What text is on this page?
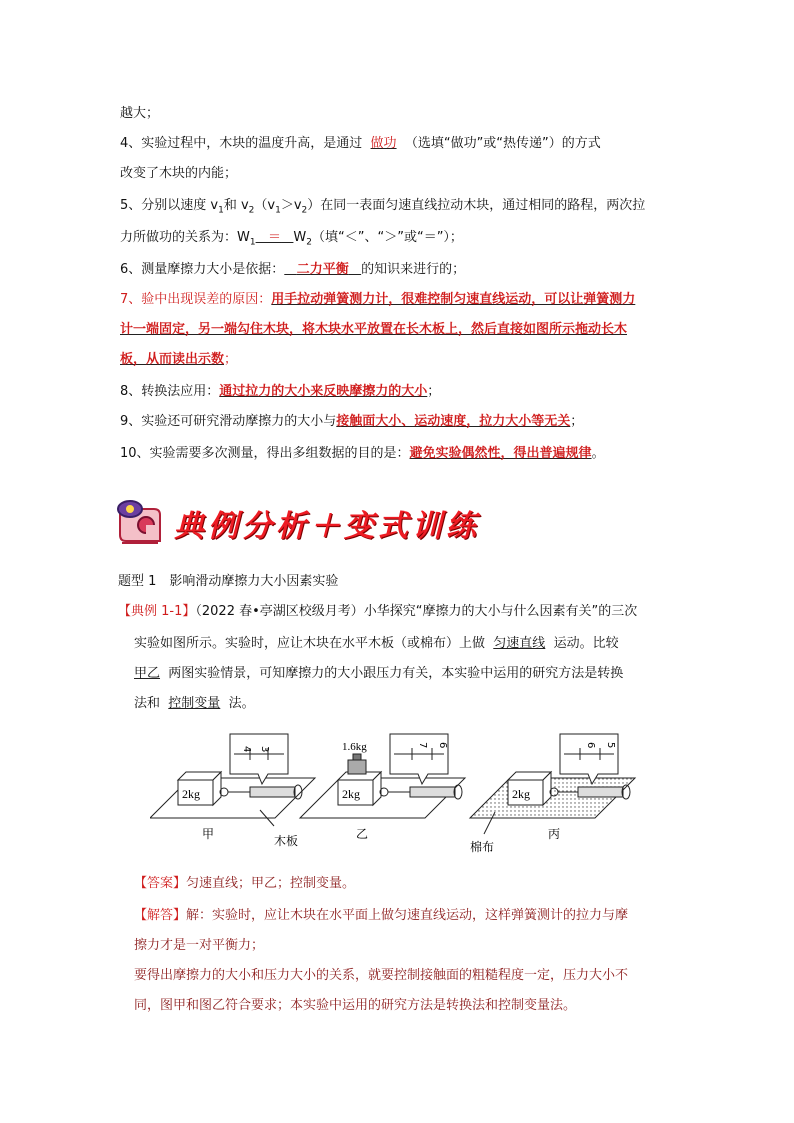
越大；
4、实验过程中，木块的温度升高，是通过 做功 （选填“做功”或“热传递”）的方式
改变了木块的内能；
5、分别以速度 $v_1$和 $v_2(v_1>v_2)$在同一表面匀速直线拉动木块，通过相同的路程，两次拉
力所做功的关系为：$W_1 = W_2$（填“＜”、“＞”或“＝”）；
6、测量摩擦力大小是依据： 二力平衡 的知识来进行的；
7、验中出现误差的原因：用手拉动弹簧测力计，很难控制匀速直线运动，可以让弹簧测力
计一端固定，另一端勾住木块，将木块水平放置在长木板上，然后直接如图所示拖动长木
板，从而读出示数；
8、转换法应用：通过拉力的大小来反映摩擦力的大小；
9、实验还可研究滑动摩擦力的大小与接触面大小、运动速度，拉力大小等无关；
10、实验需要多次测量，得出多组数据的目的是：避免实验偶然性，得出普遍规律。
典例分析＋变式训练
题型 1　影响滑动摩擦力大小因素实验
【典例 1-1】（2022 春•亭湖区校级月考）小华探究“摩擦力的大小与什么因素有关”的三次
实验如图所示。实验时，应让木块在水平木板（或棉布）上做 匀速直线 运动。比较
甲乙 两图实验情景，可知摩擦力的大小跟压力有关，本实验中运用的研究方法是转换
法和 控制变量 法。
2kg
3
4
甲	木板
1.6kg
2kg
6
7
乙
2kg
5
6
丙
棉布
【答案】匀速直线；甲乙；控制变量。
【解答】解：实验时，应让木块在水平面上做匀速直线运动，这样弹簧测计的拉力与摩
擦力才是一对平衡力；
要得出摩擦力的大小和压力大小的关系，就要控制接触面的粗糙程度一定，压力大小不
同，图甲和图乙符合要求；本实验中运用的研究方法是转换法和控制变量法。
